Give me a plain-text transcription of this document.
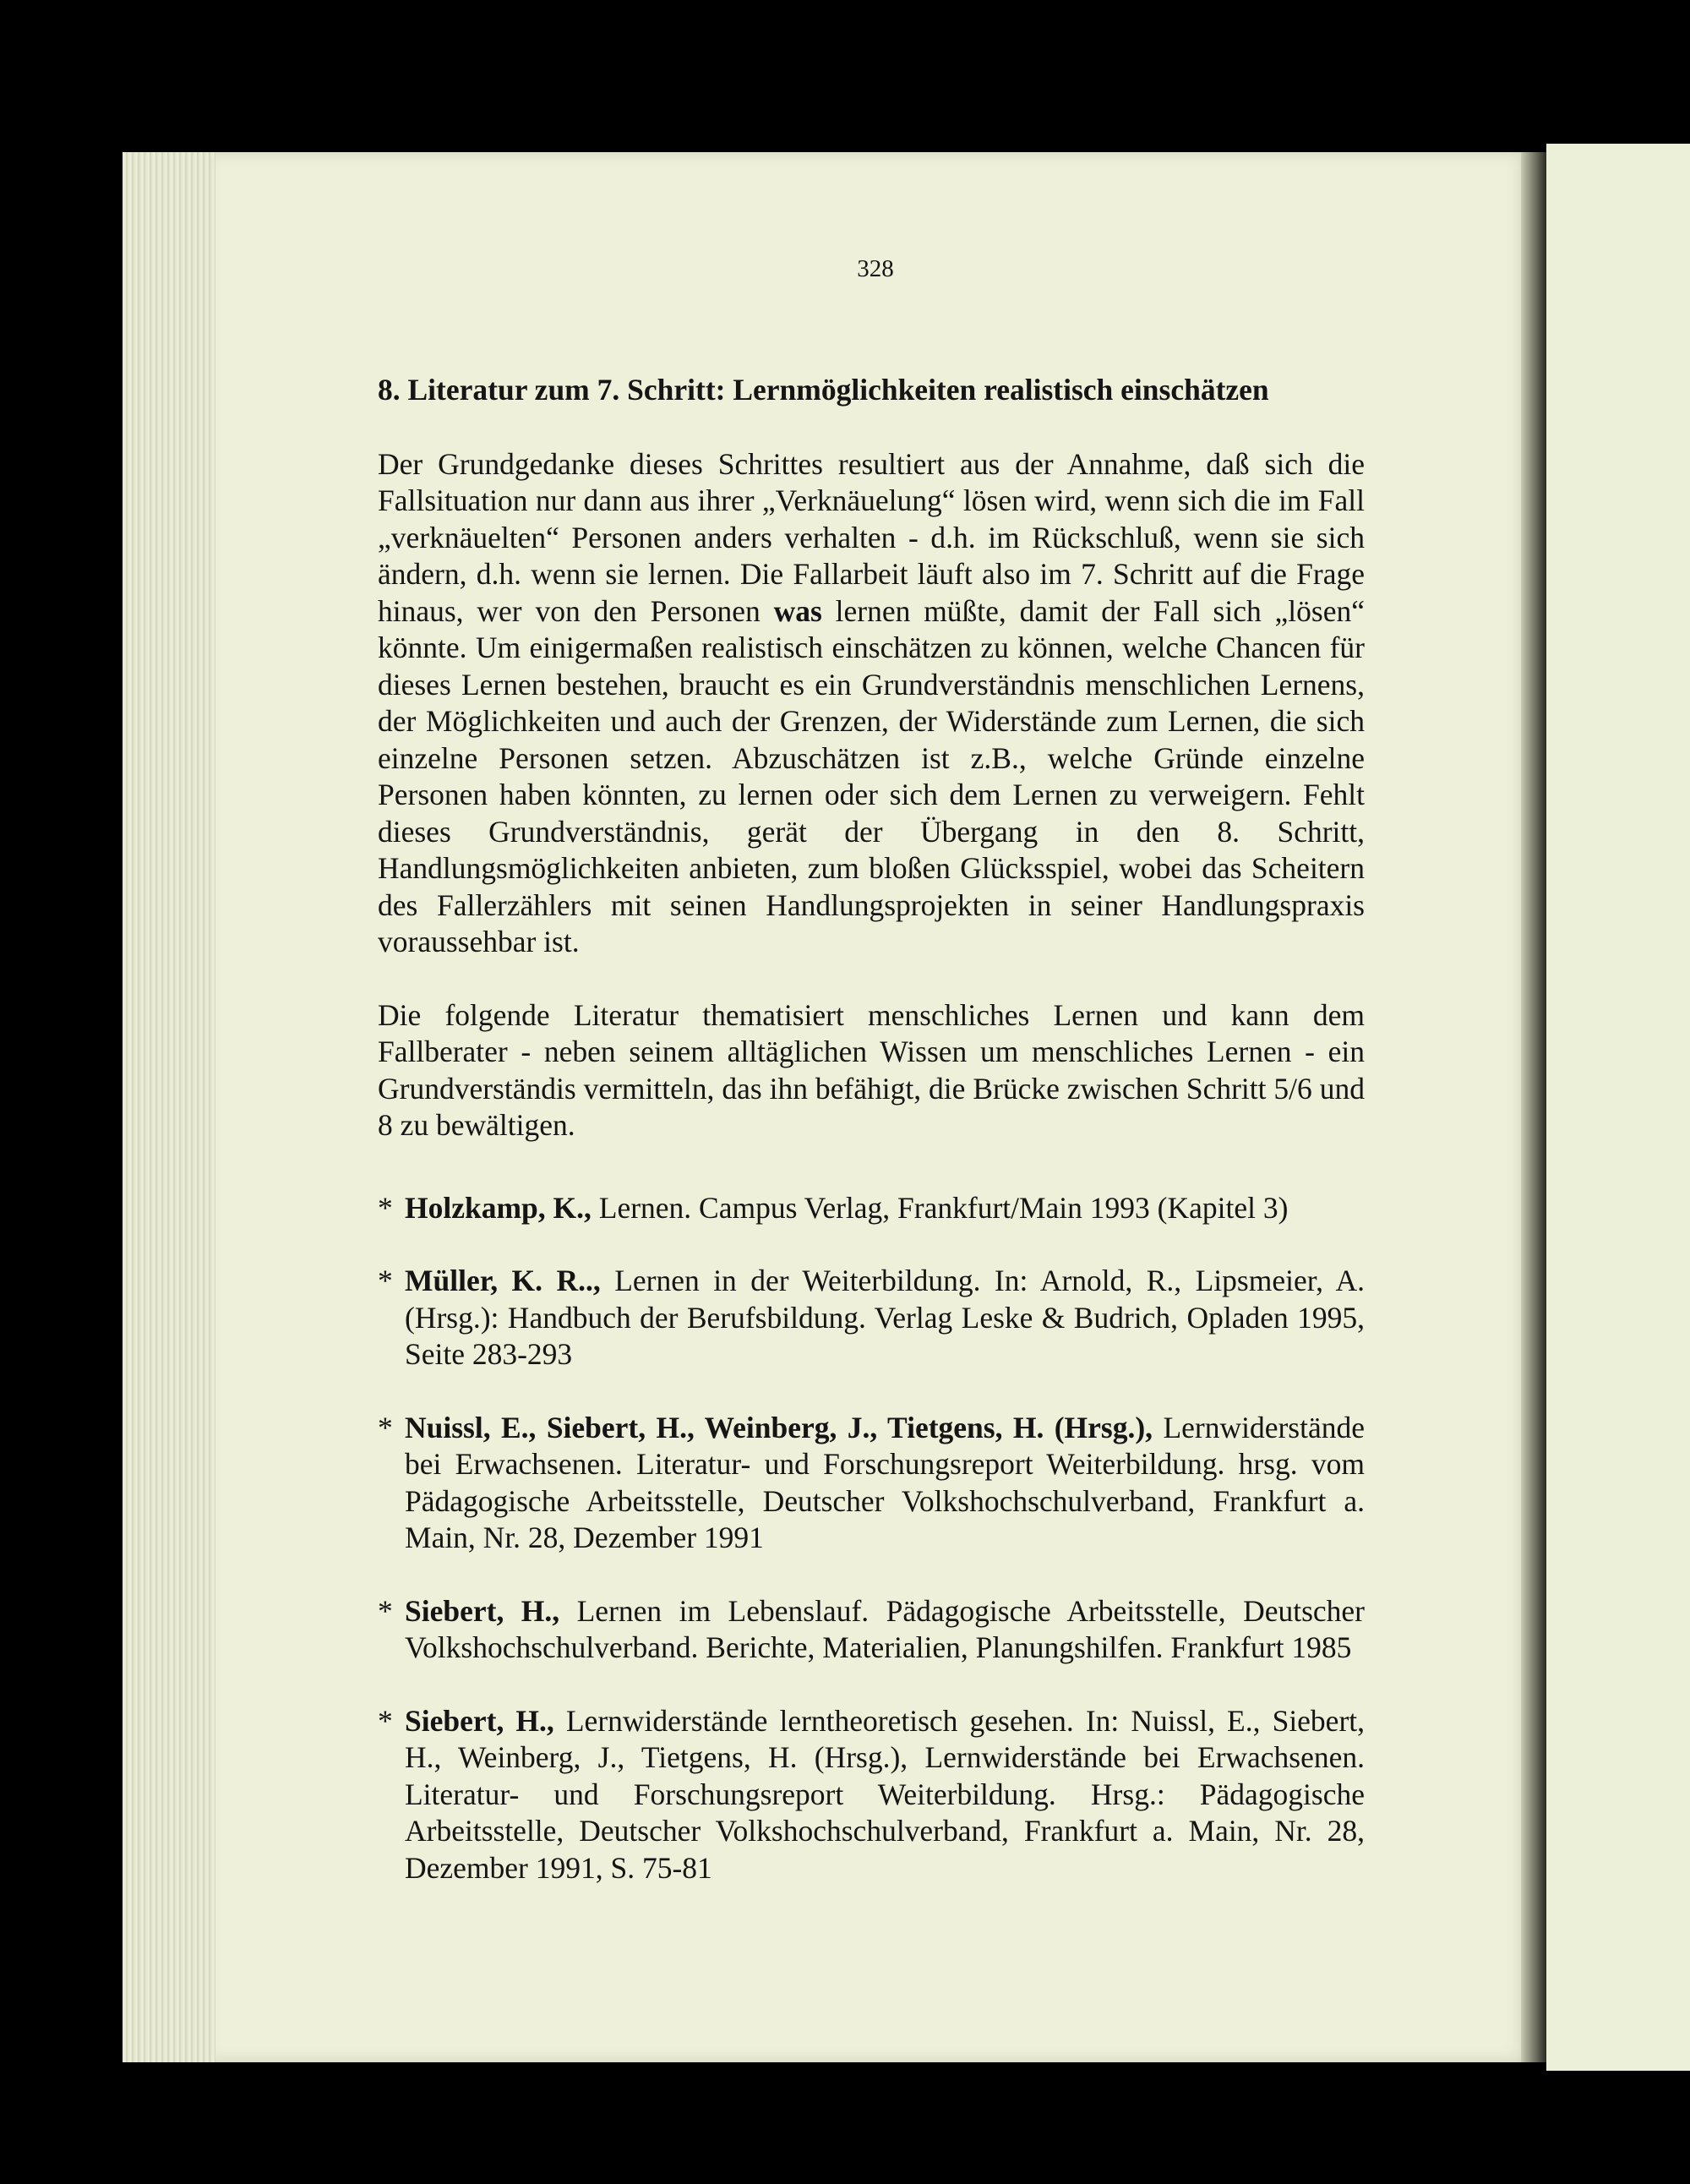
328
8. Literatur zum 7. Schritt: Lernmöglichkeiten realistisch einschätzen

Der Grundgedanke dieses Schrittes resultiert aus der Annahme, daß sich die Fallsituation nur dann aus ihrer „Verknäuelung“ lösen wird, wenn sich die im Fall „verknäuelten“ Personen anders verhalten - d.h. im Rückschluß, wenn sie sich ändern, d.h. wenn sie lernen. Die Fallarbeit läuft also im 7. Schritt auf die Frage hinaus, wer von den Personen was lernen müßte, damit der Fall sich „lösen“ könnte. Um einigermaßen realistisch einschätzen zu können, welche Chancen für dieses Lernen bestehen, braucht es ein Grundverständnis menschlichen Lernens, der Möglichkeiten und auch der Grenzen, der Widerstände zum Lernen, die sich einzelne Personen setzen. Abzuschätzen ist z.B., welche Gründe einzelne Personen haben könnten, zu lernen oder sich dem Lernen zu verweigern. Fehlt dieses Grundverständnis, gerät der Übergang in den 8. Schritt, Handlungsmöglichkeiten anbieten, zum bloßen Glücksspiel, wobei das Scheitern des Fallerzählers mit seinen Handlungsprojekten in seiner Handlungspraxis voraussehbar ist.

Die folgende Literatur thematisiert menschliches Lernen und kann dem Fallberater - neben seinem alltäglichen Wissen um menschliches Lernen - ein Grundverständis vermitteln, das ihn befähigt, die Brücke zwischen Schritt 5/6 und 8 zu bewältigen.

* Holzkamp, K., Lernen. Campus Verlag, Frankfurt/Main 1993 (Kapitel 3)
* Müller, K. R.., Lernen in der Weiterbildung. In: Arnold, R., Lipsmeier, A. (Hrsg.): Handbuch der Berufsbildung. Verlag Leske & Budrich, Opladen 1995, Seite 283-293
* Nuissl, E., Siebert, H., Weinberg, J., Tietgens, H. (Hrsg.), Lernwiderstände bei Erwachsenen. Literatur- und Forschungsreport Weiterbildung. hrsg. vom Pädagogische Arbeitsstelle, Deutscher Volkshochschulverband, Frankfurt a. Main, Nr. 28, Dezember 1991
* Siebert, H., Lernen im Lebenslauf. Pädagogische Arbeitsstelle, Deutscher Volkshochschulverband. Berichte, Materialien, Planungshilfen. Frankfurt 1985
* Siebert, H., Lernwiderstände lerntheoretisch gesehen. In: Nuissl, E., Siebert, H., Weinberg, J., Tietgens, H. (Hrsg.), Lernwiderstände bei Erwachsenen. Literatur- und Forschungsreport Weiterbildung. Hrsg.: Pädagogische Arbeitsstelle, Deutscher Volkshochschulverband, Frankfurt a. Main, Nr. 28, Dezember 1991, S. 75-81
